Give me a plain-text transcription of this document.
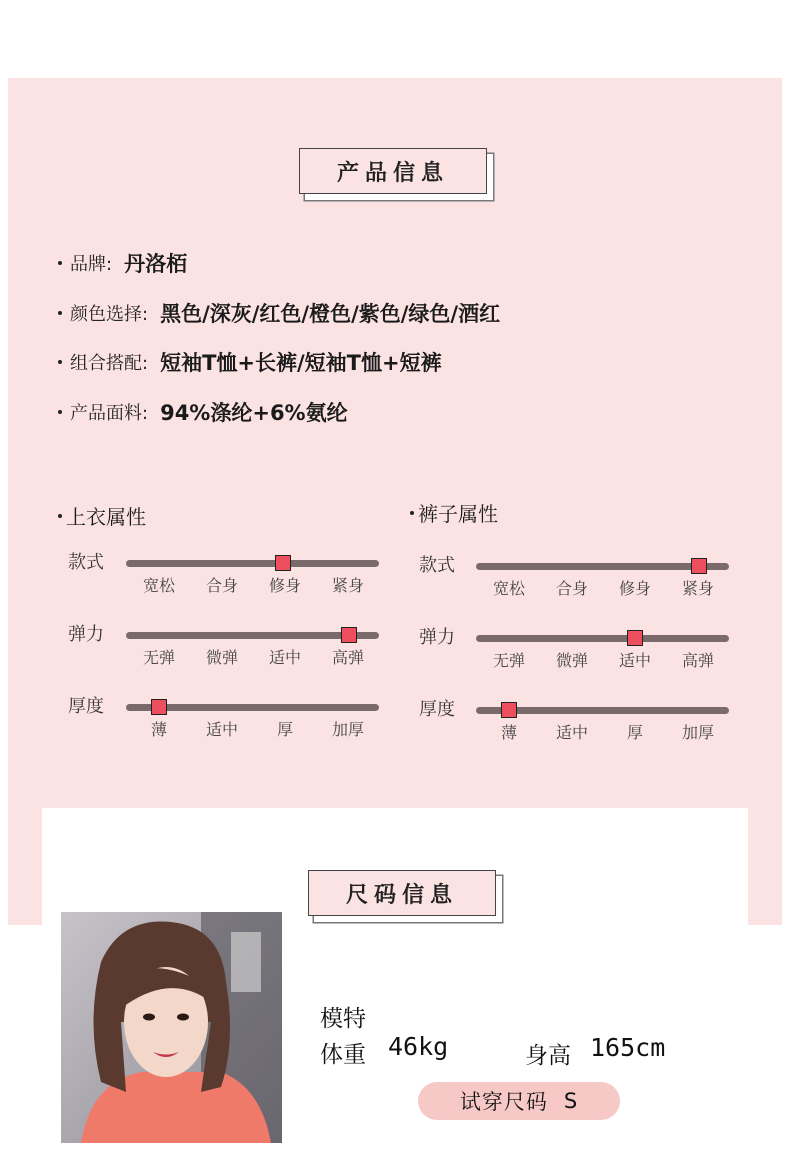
产品信息
品牌: 丹洛栢
颜色选择: 黑色/深灰/红色/橙色/紫色/绿色/酒红
组合搭配: 短袖T恤+长裤/短袖T恤+短裤
产品面料: 94%涤纶+6%氨纶
上衣属性
款式
宽松 合身 修身 紧身
弹力
无弹 微弹 适中 高弹
厚度
薄 适中 厚 加厚
裤子属性
款式
宽松 合身 修身 紧身
弹力
无弹 微弹 适中 高弹
厚度
薄 适中 厚 加厚
尺码信息
模特
体重 46kg	身高 165cm
试穿尺码 S
